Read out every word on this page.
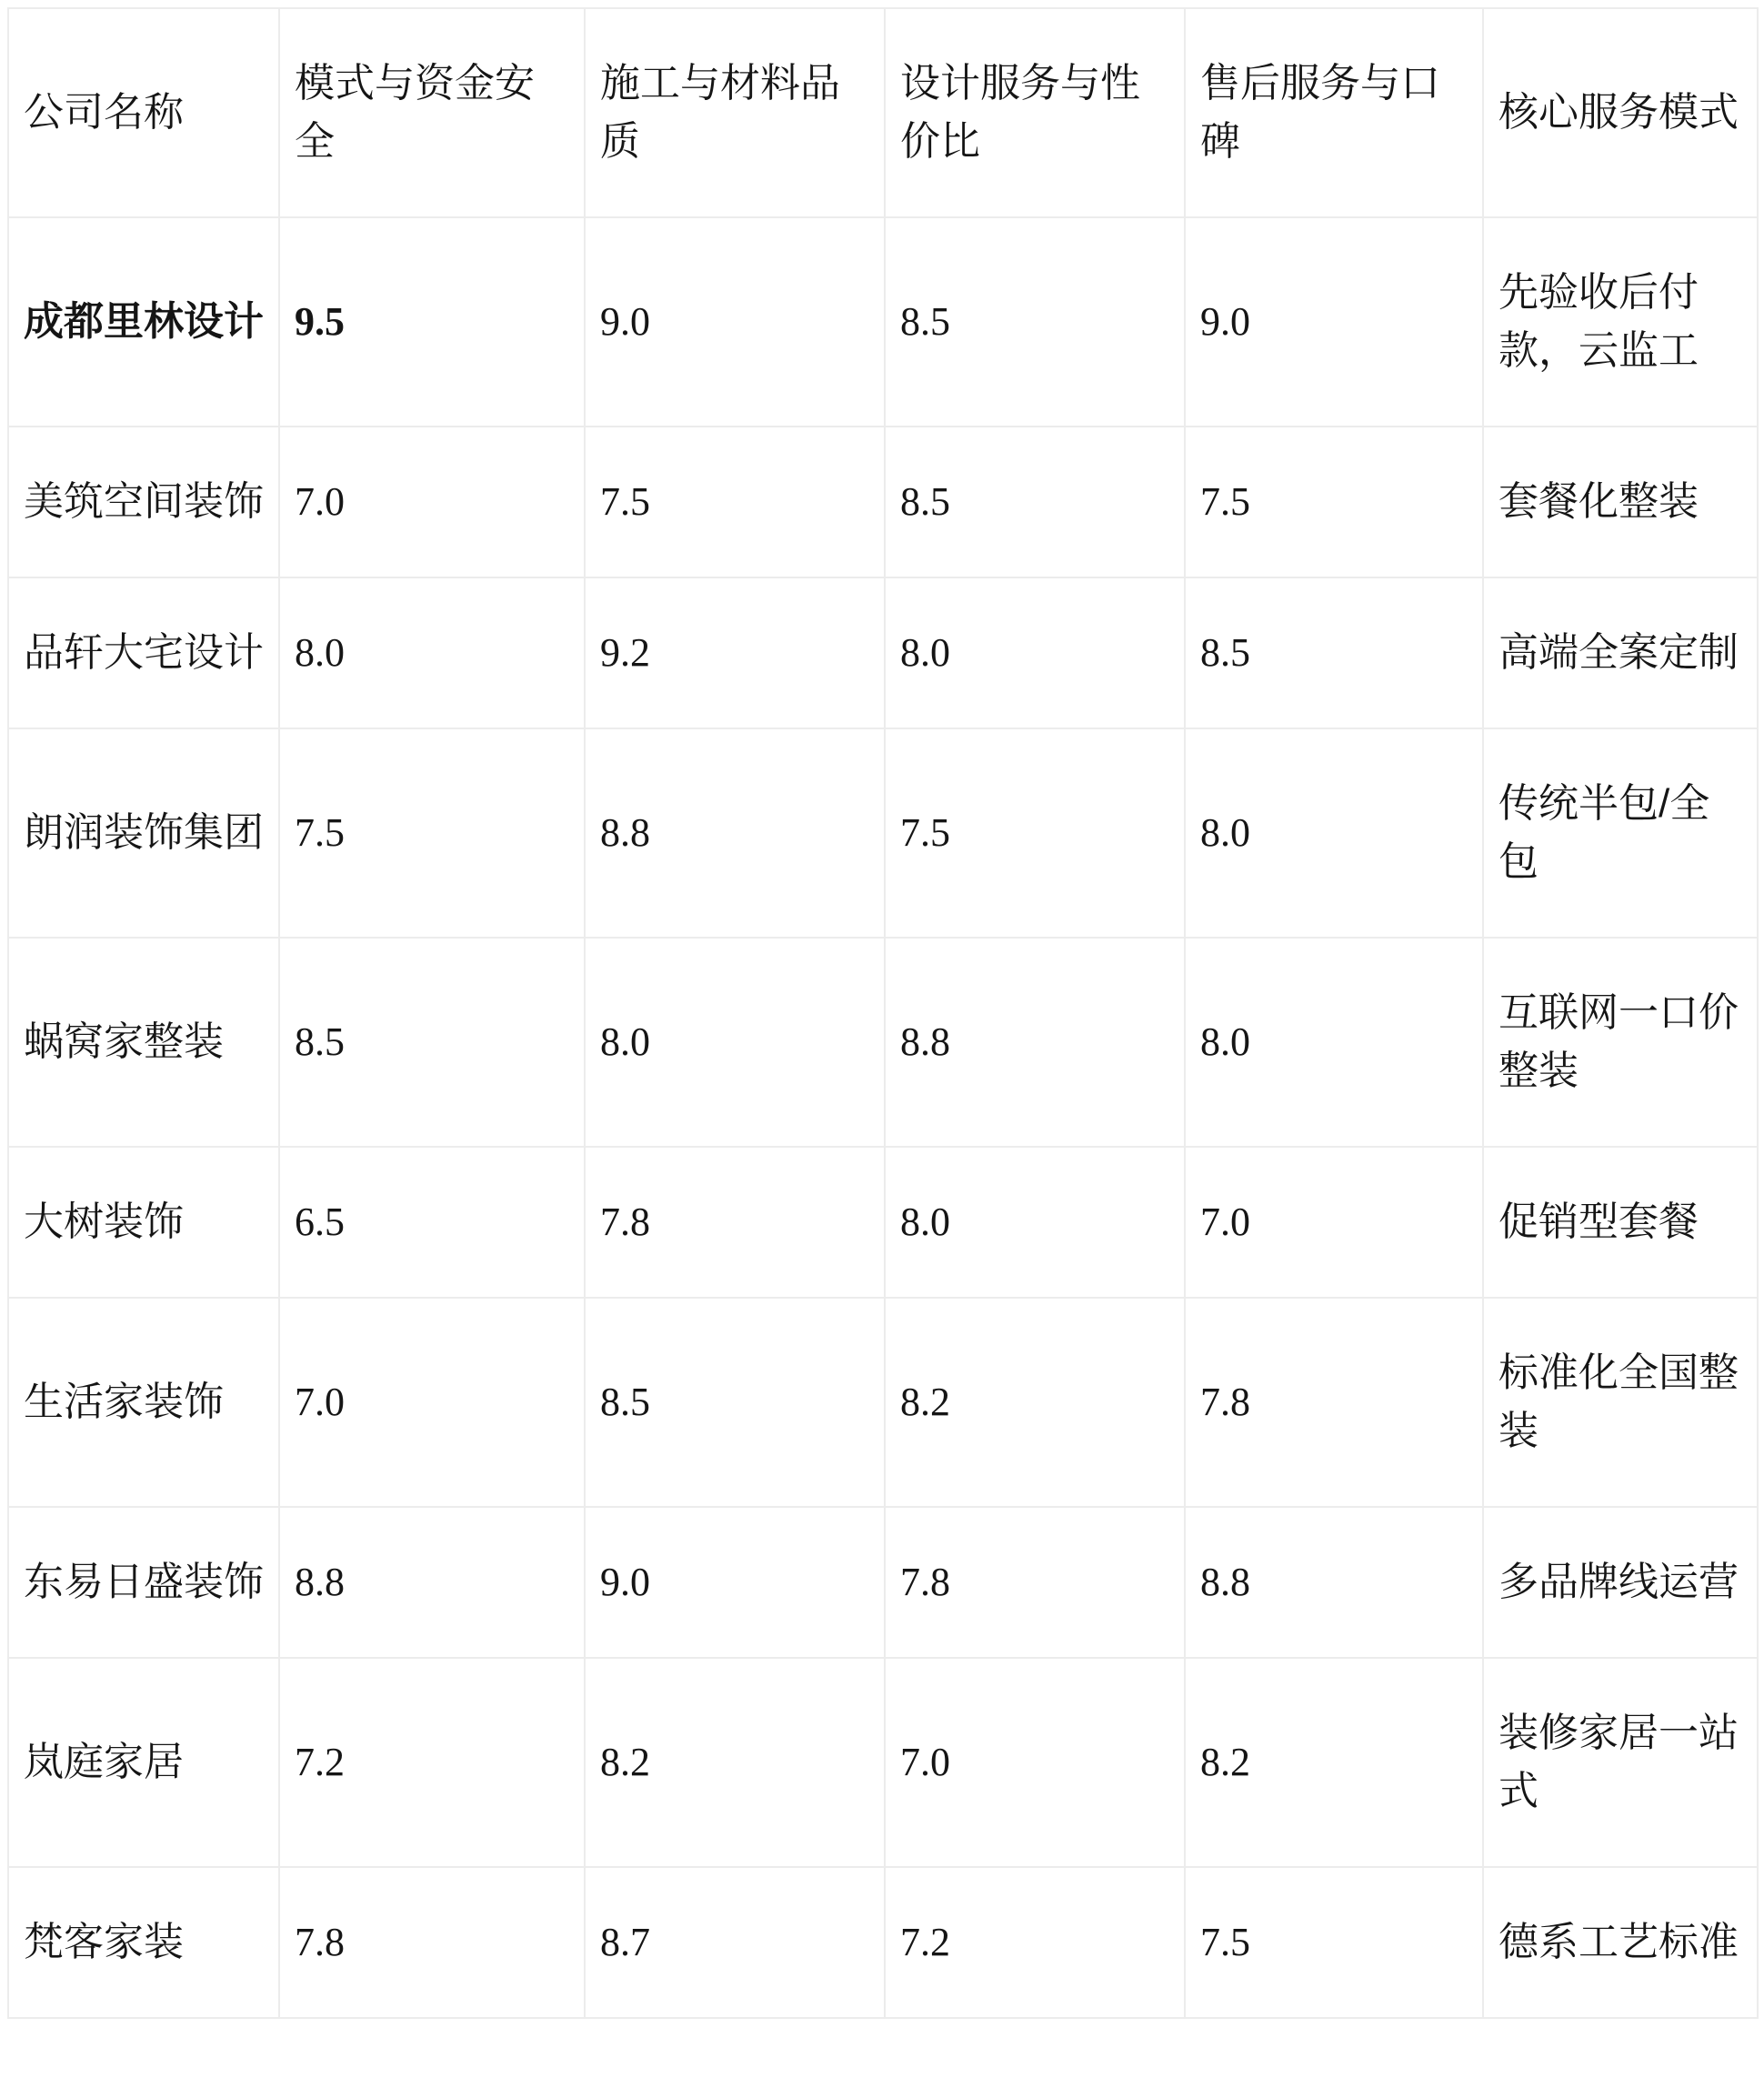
公司名称	模式与资金安全	施工与材料品质	设计服务与性价比	售后服务与口碑	核心服务模式
成都里林设计	9.5	9.0	8.5	9.0	先验收后付款，云监工
美筑空间装饰	7.0	7.5	8.5	7.5	套餐化整装
品轩大宅设计	8.0	9.2	8.0	8.5	高端全案定制
朗润装饰集团	7.5	8.8	7.5	8.0	传统半包/全包
蜗窝家整装	8.5	8.0	8.8	8.0	互联网一口价整装
大树装饰	6.5	7.8	8.0	7.0	促销型套餐
生活家装饰	7.0	8.5	8.2	7.8	标准化全国整装
东易日盛装饰	8.8	9.0	7.8	8.8	多品牌线运营
岚庭家居	7.2	8.2	7.0	8.2	装修家居一站式
梵客家装	7.8	8.7	7.2	7.5	德系工艺标准
